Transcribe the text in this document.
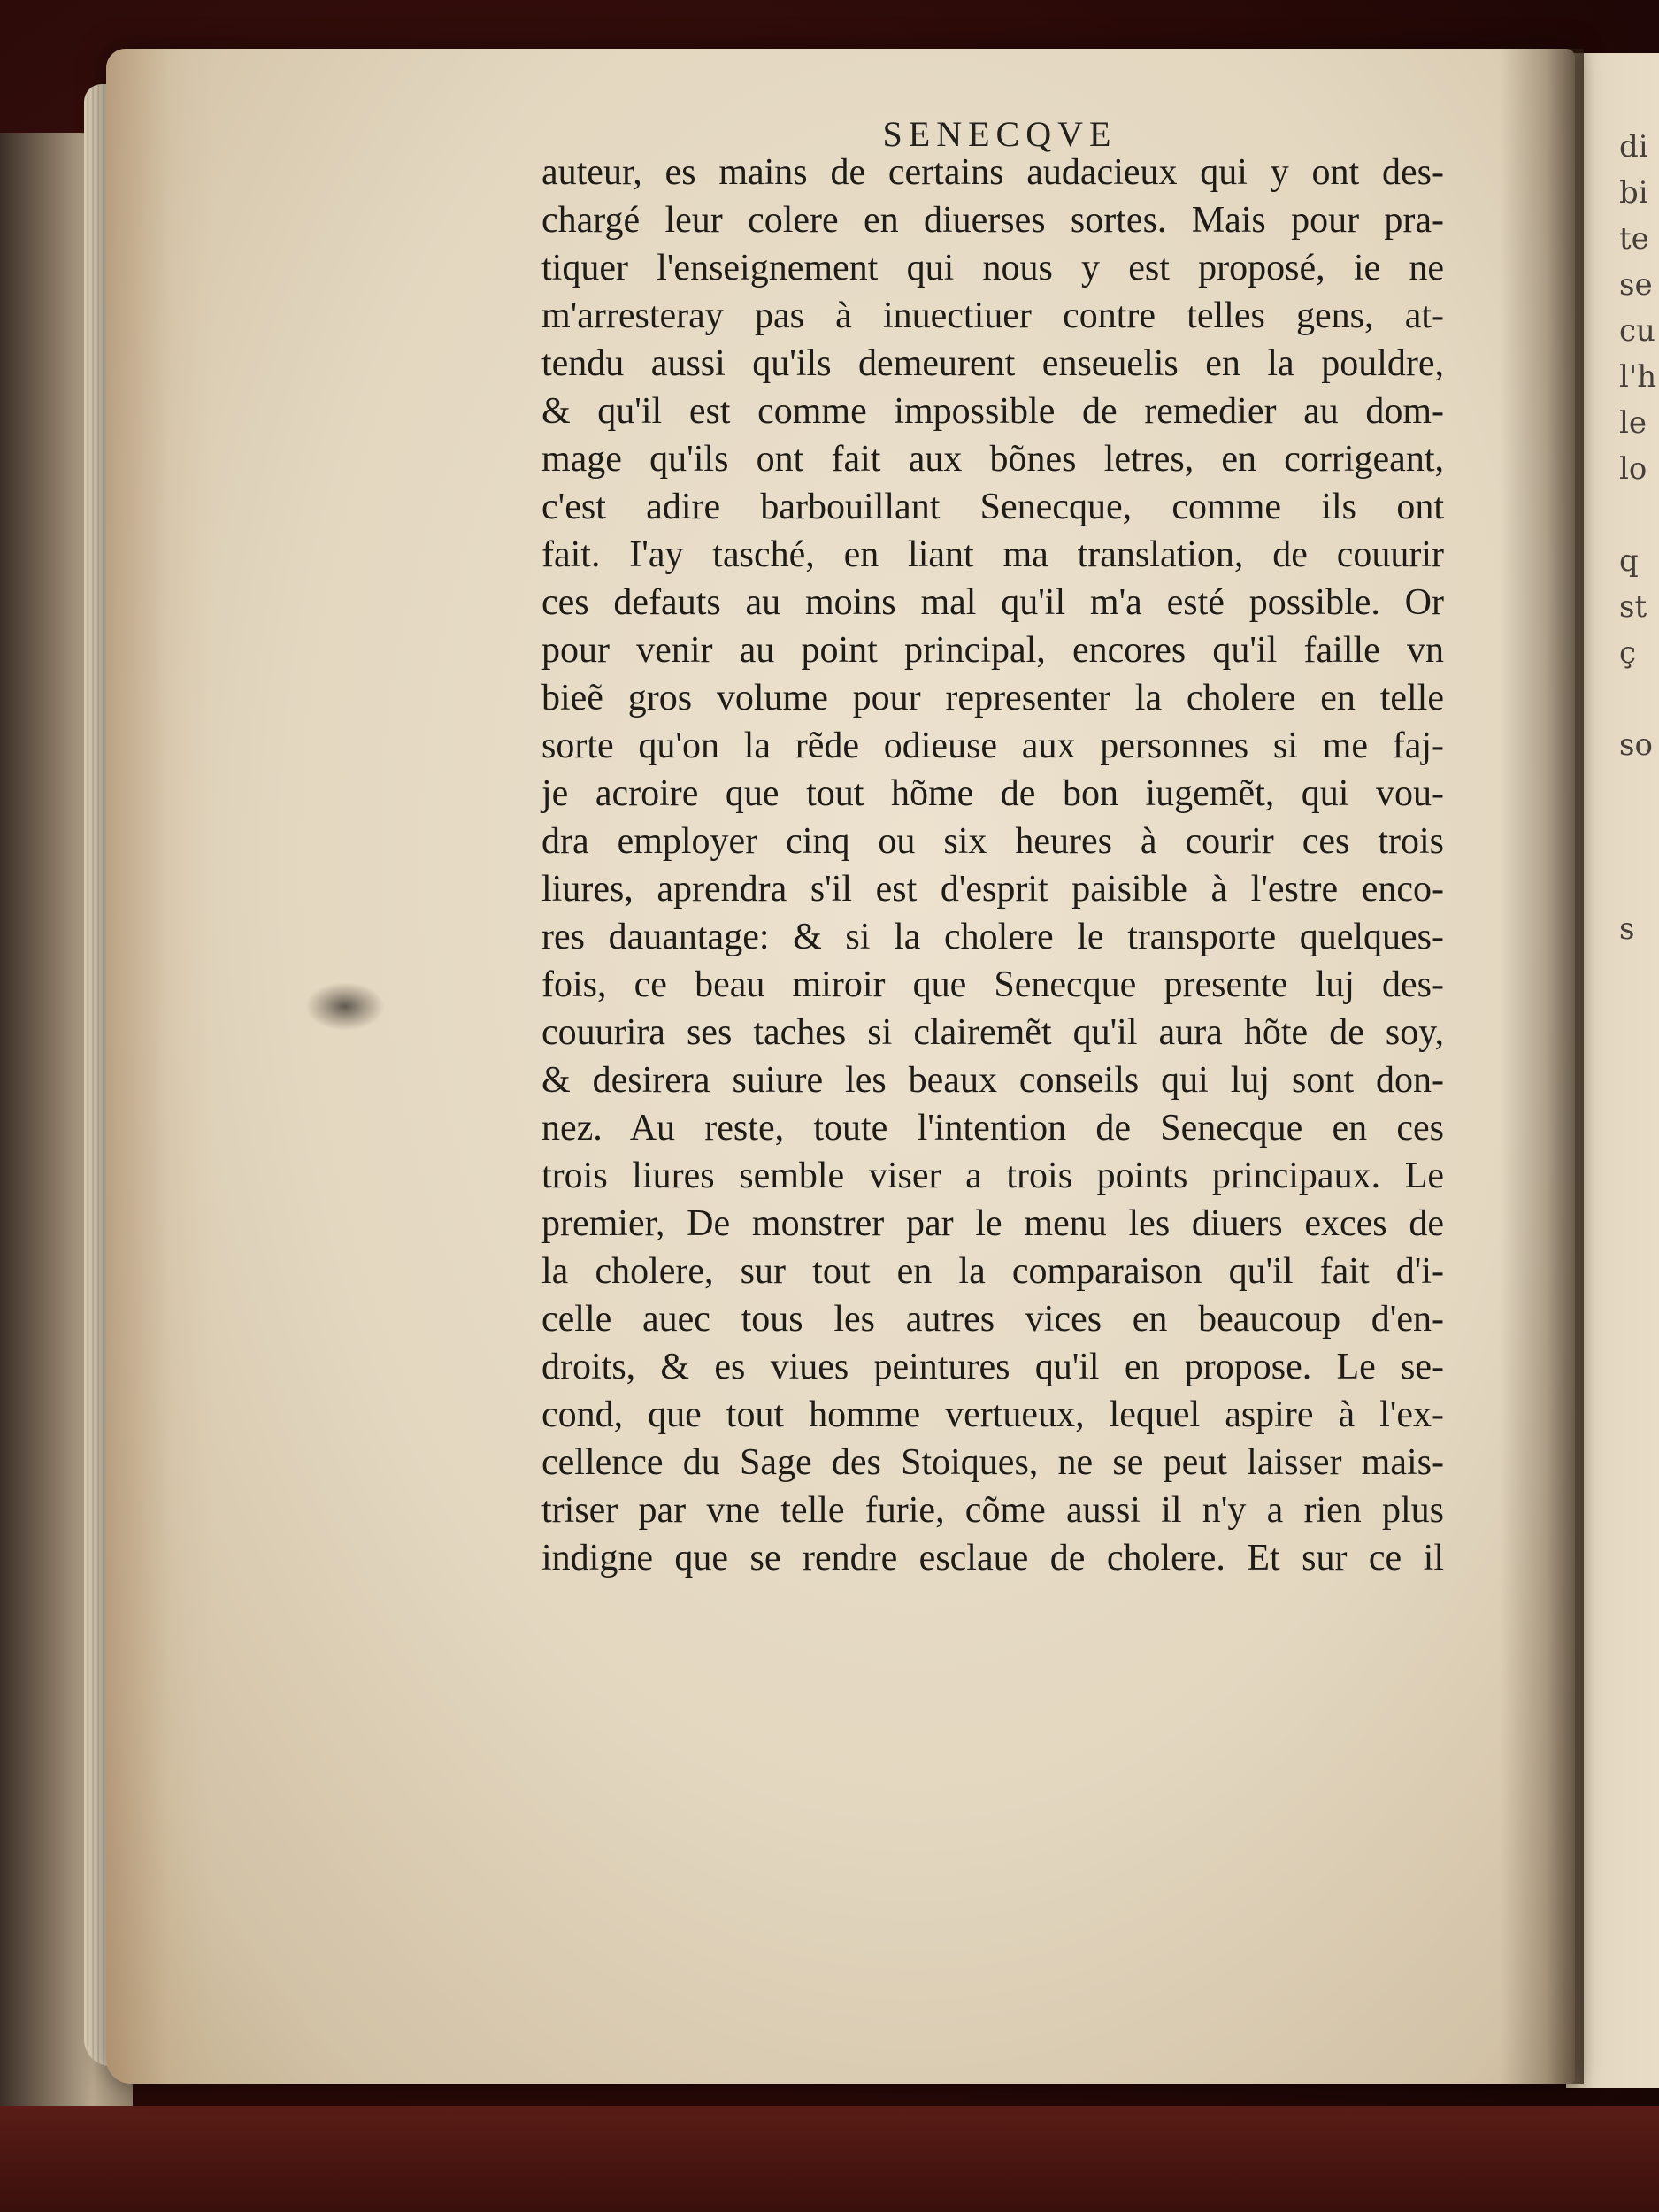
di
bi
te
se
cu
l'h
le
lo

q
st
ç

so

s
SENECQVE
auteur, es mains de certains audacieux qui y ont des-
chargé leur colere en diuerses sortes. Mais pour pra-
tiquer l'enseignement qui nous y est proposé, ie ne
m'arresteray pas à inuectiuer contre telles gens, at-
tendu aussi qu'ils demeurent enseuelis en la pouldre,
& qu'il est comme impossible de remedier au dom-
mage qu'ils ont fait aux bõnes letres, en corrigeant,
c'est adire barbouillant Senecque, comme ils ont
fait. I'ay tasché, en liant ma translation, de couurir
ces defauts au moins mal qu'il m'a esté possible. Or
pour venir au point principal, encores qu'il faille vn
bieẽ gros volume pour representer la cholere en telle
sorte qu'on la rẽde odieuse aux personnes si me faj-
je acroire que tout hõme de bon iugemẽt, qui vou-
dra employer cinq ou six heures à courir ces trois
liures, aprendra s'il est d'esprit paisible à l'estre enco-
res dauantage: & si la cholere le transporte quelques-
fois, ce beau miroir que Senecque presente luj des-
couurira ses taches si clairemẽt qu'il aura hõte de soy,
& desirera suiure les beaux conseils qui luj sont don-
nez. Au reste, toute l'intention de Senecque en ces
trois liures semble viser a trois points principaux. Le
premier, De monstrer par le menu les diuers exces de
la cholere, sur tout en la comparaison qu'il fait d'i-
celle auec tous les autres vices en beaucoup d'en-
droits, & es viues peintures qu'il en propose. Le se-
cond, que tout homme vertueux, lequel aspire à l'ex-
cellence du Sage des Stoiques, ne se peut laisser mais-
triser par vne telle furie, cõme aussi il n'y a rien plus
indigne que se rendre esclaue de cholere. Et sur ce il
